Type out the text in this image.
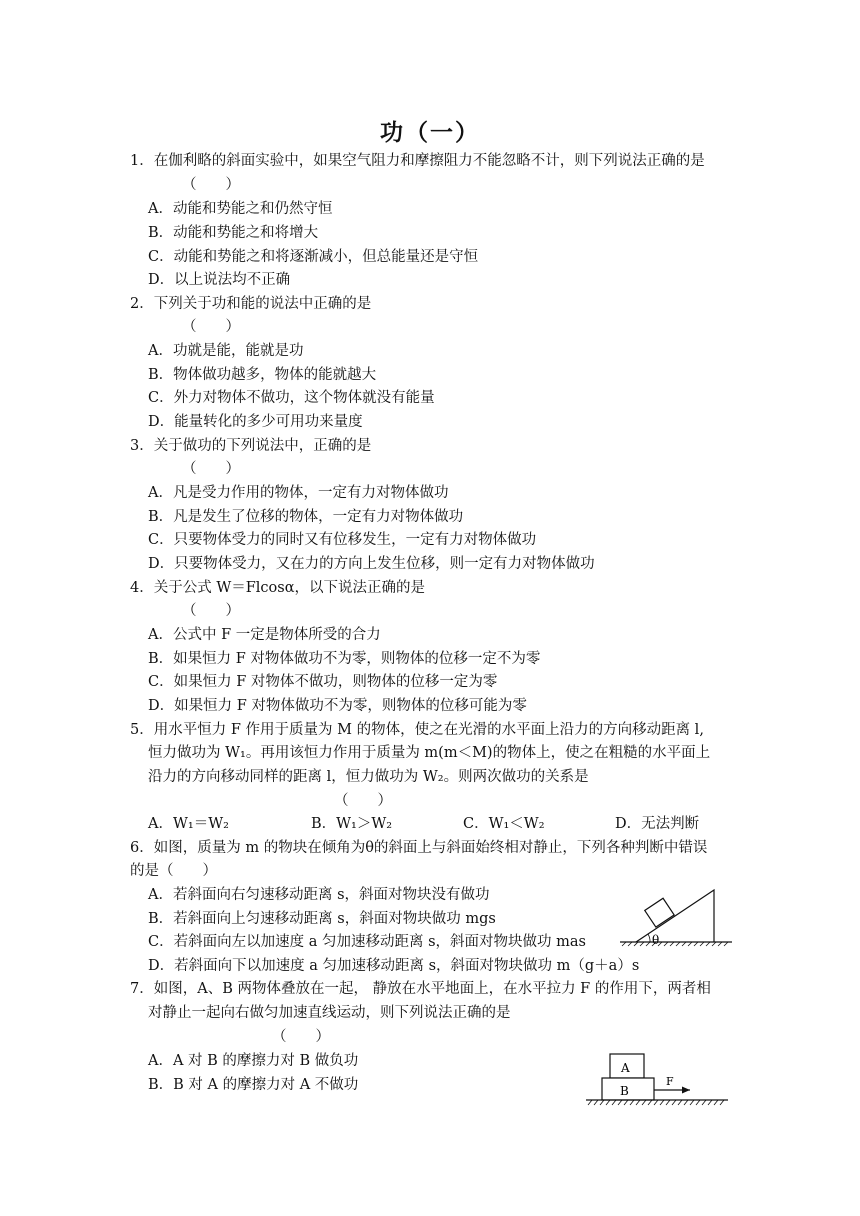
功（一）
1．在伽利略的斜面实验中，如果空气阻力和摩擦阻力不能忽略不计，则下列说法正确的是
（　　）
A．动能和势能之和仍然守恒
B．动能和势能之和将增大
C．动能和势能之和将逐渐减小，但总能量还是守恒
D．以上说法均不正确
2．下列关于功和能的说法中正确的是
（　　）
A．功就是能，能就是功
B．物体做功越多，物体的能就越大
C．外力对物体不做功，这个物体就没有能量
D．能量转化的多少可用功来量度
3．关于做功的下列说法中，正确的是
（　　）
A．凡是受力作用的物体，一定有力对物体做功
B．凡是发生了位移的物体，一定有力对物体做功
C．只要物体受力的同时又有位移发生，一定有力对物体做功
D．只要物体受力，又在力的方向上发生位移，则一定有力对物体做功
4．关于公式 W＝Flcosα，以下说法正确的是
（　　）
A．公式中 F 一定是物体所受的合力
B．如果恒力 F 对物体做功不为零，则物体的位移一定不为零
C．如果恒力 F 对物体不做功，则物体的位移一定为零
D．如果恒力 F 对物体做功不为零，则物体的位移可能为零
5．用水平恒力 F 作用于质量为 M 的物体，使之在光滑的水平面上沿力的方向移动距离 l,
恒力做功为 W₁。再用该恒力作用于质量为 m(m＜M)的物体上，使之在粗糙的水平面上
沿力的方向移动同样的距离 l，恒力做功为 W₂。则两次做功的关系是
（　　）
A．W₁＝W₂	B．W₁＞W₂	C．W₁＜W₂	D．无法判断
6．如图，质量为 m 的物块在倾角为θ的斜面上与斜面始终相对静止，下列各种判断中错误
的是（　　）
A．若斜面向右匀速移动距离 s，斜面对物块没有做功
B．若斜面向上匀速移动距离 s，斜面对物块做功 mgs
C．若斜面向左以加速度 a 匀加速移动距离 s，斜面对物块做功 mas
D．若斜面向下以加速度 a 匀加速移动距离 s，斜面对物块做功 m（g＋a）s
θ
7．如图，A、B 两物体叠放在一起， 静放在水平地面上，在水平拉力 F 的作用下，两者相
对静止一起向右做匀加速直线运动，则下列说法正确的是
（　　）
A．A 对 B 的摩擦力对 B 做负功
B．B 对 A 的摩擦力对 A 不做功
A
B
F
